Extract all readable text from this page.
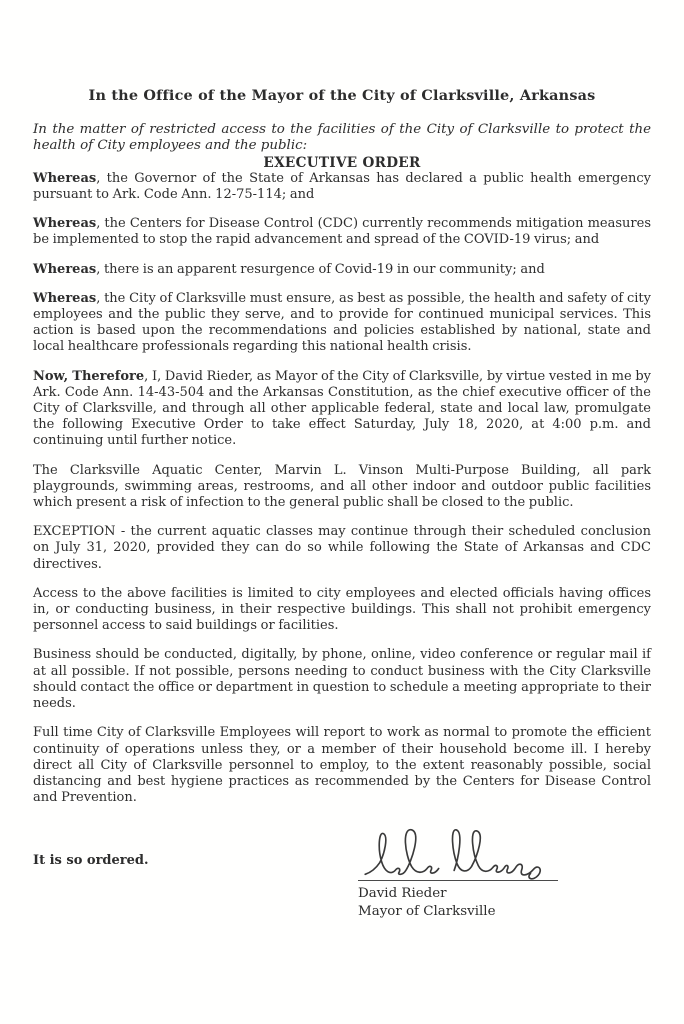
In the Office of the Mayor of the City of Clarksville, Arkansas

In the matter of restricted access to the facilities of the City of Clarksville to protect the health of City employees and the public:

EXECUTIVE ORDER

Whereas, the Governor of the State of Arkansas has declared a public health emergency pursuant to Ark. Code Ann. 12-75-114; and

Whereas, the Centers for Disease Control (CDC) currently recommends mitigation measures be implemented to stop the rapid advancement and spread of the COVID-19 virus; and

Whereas, there is an apparent resurgence of Covid-19 in our community; and

Whereas, the City of Clarksville must ensure, as best as possible, the health and safety of city employees and the public they serve, and to provide for continued municipal services. This action is based upon the recommendations and policies established by national, state and local healthcare professionals regarding this national health crisis.

Now, Therefore, I, David Rieder, as Mayor of the City of Clarksville, by virtue vested in me by Ark. Code Ann. 14-43-504 and the Arkansas Constitution, as the chief executive officer of the City of Clarksville, and through all other applicable federal, state and local law, promulgate the following Executive Order to take effect Saturday, July 18, 2020, at 4:00 p.m. and continuing until further notice.

The Clarksville Aquatic Center, Marvin L. Vinson Multi-Purpose Building, all park playgrounds, swimming areas, restrooms, and all other indoor and outdoor public facilities which present a risk of infection to the general public shall be closed to the public.

EXCEPTION - the current aquatic classes may continue through their scheduled conclusion on July 31, 2020, provided they can do so while following the State of Arkansas and CDC directives.

Access to the above facilities is limited to city employees and elected officials having offices in, or conducting business, in their respective buildings. This shall not prohibit emergency personnel access to said buildings or facilities.

Business should be conducted, digitally, by phone, online, video conference or regular mail if at all possible. If not possible, persons needing to conduct business with the City Clarksville should contact the office or department in question to schedule a meeting appropriate to their needs.

Full time City of Clarksville Employees will report to work as normal to promote the efficient continuity of operations unless they, or a member of their household become ill. I hereby direct all City of Clarksville personnel to employ, to the extent reasonably possible, social distancing and best hygiene practices as recommended by the Centers for Disease Control and Prevention.

It is so ordered.
David Rieder
Mayor of Clarksville
